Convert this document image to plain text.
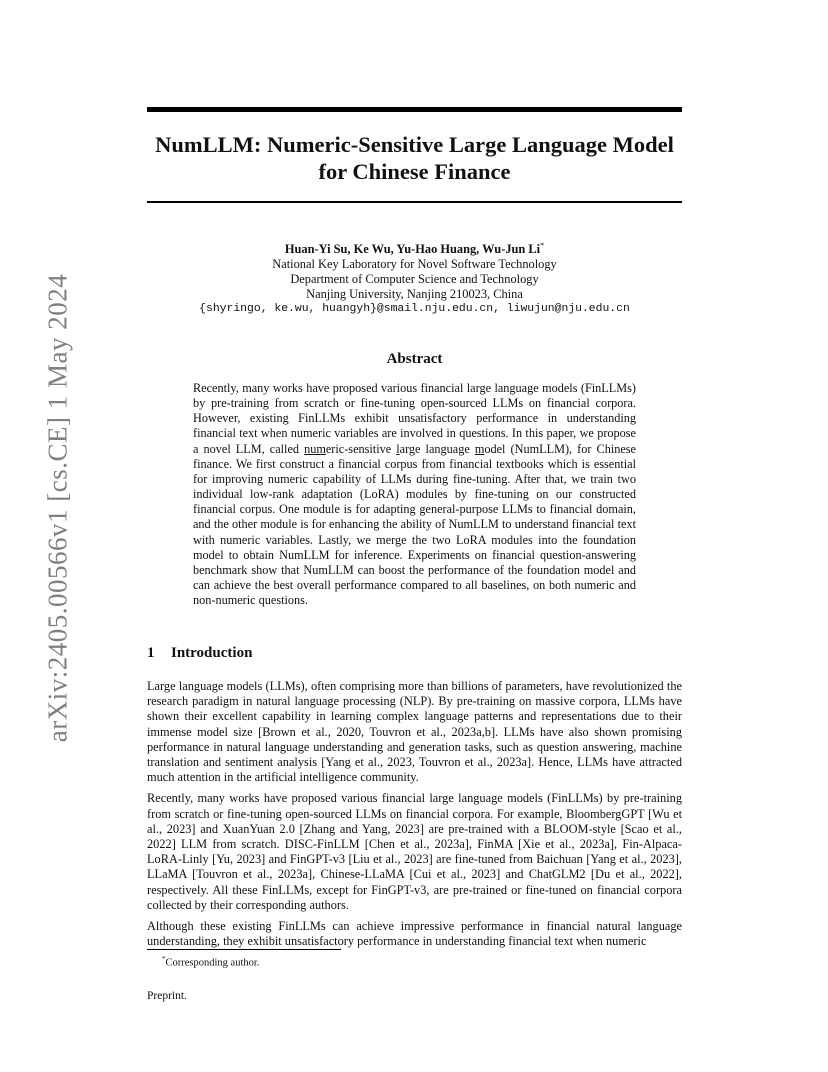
NumLLM: Numeric-Sensitive Large Language Model for Chinese Finance
arXiv:2405.00566v1 [cs.CE] 1 May 2024
Huan-Yi Su, Ke Wu, Yu-Hao Huang, Wu-Jun Li*
National Key Laboratory for Novel Software Technology
Department of Computer Science and Technology
Nanjing University, Nanjing 210023, China
{shyringo, ke.wu, huangyh}@smail.nju.edu.cn, liwujun@nju.edu.cn
Abstract

Recently, many works have proposed various financial large language models (FinLLMs) by pre-training from scratch or fine-tuning open-sourced LLMs on financial corpora. However, existing FinLLMs exhibit unsatisfactory performance in understanding financial text when numeric variables are involved in questions. In this paper, we propose a novel LLM, called numeric-sensitive large language model (NumLLM), for Chinese finance. We first construct a financial corpus from financial textbooks which is essential for improving numeric capability of LLMs during fine-tuning. After that, we train two individual low-rank adaptation (LoRA) modules by fine-tuning on our constructed financial corpus. One module is for adapting general-purpose LLMs to financial domain, and the other module is for enhancing the ability of NumLLM to understand financial text with numeric variables. Lastly, we merge the two LoRA modules into the foundation model to obtain NumLLM for inference. Experiments on financial question-answering benchmark show that NumLLM can boost the performance of the foundation model and can achieve the best overall performance compared to all baselines, on both numeric and non-numeric questions.

1 Introduction

Large language models (LLMs), often comprising more than billions of parameters, have revolutionized the research paradigm in natural language processing (NLP). By pre-training on massive corpora, LLMs have shown their excellent capability in learning complex language patterns and representations due to their immense model size [Brown et al., 2020, Touvron et al., 2023a,b]. LLMs have also shown promising performance in natural language understanding and generation tasks, such as question answering, machine translation and sentiment analysis [Yang et al., 2023, Touvron et al., 2023a]. Hence, LLMs have attracted much attention in the artificial intelligence community.

Recently, many works have proposed various financial large language models (FinLLMs) by pre-training from scratch or fine-tuning open-sourced LLMs on financial corpora. For example, BloombergGPT [Wu et al., 2023] and XuanYuan 2.0 [Zhang and Yang, 2023] are pre-trained with a BLOOM-style [Scao et al., 2022] LLM from scratch. DISC-FinLLM [Chen et al., 2023a], FinMA [Xie et al., 2023a], Fin-Alpaca-LoRA-Linly [Yu, 2023] and FinGPT-v3 [Liu et al., 2023] are fine-tuned from Baichuan [Yang et al., 2023], LLaMA [Touvron et al., 2023a], Chinese-LLaMA [Cui et al., 2023] and ChatGLM2 [Du et al., 2022], respectively. All these FinLLMs, except for FinGPT-v3, are pre-trained or fine-tuned on financial corpora collected by their corresponding authors.

Although these existing FinLLMs can achieve impressive performance in financial natural language understanding, they exhibit unsatisfactory performance in understanding financial text when numeric

*Corresponding author.

Preprint.
